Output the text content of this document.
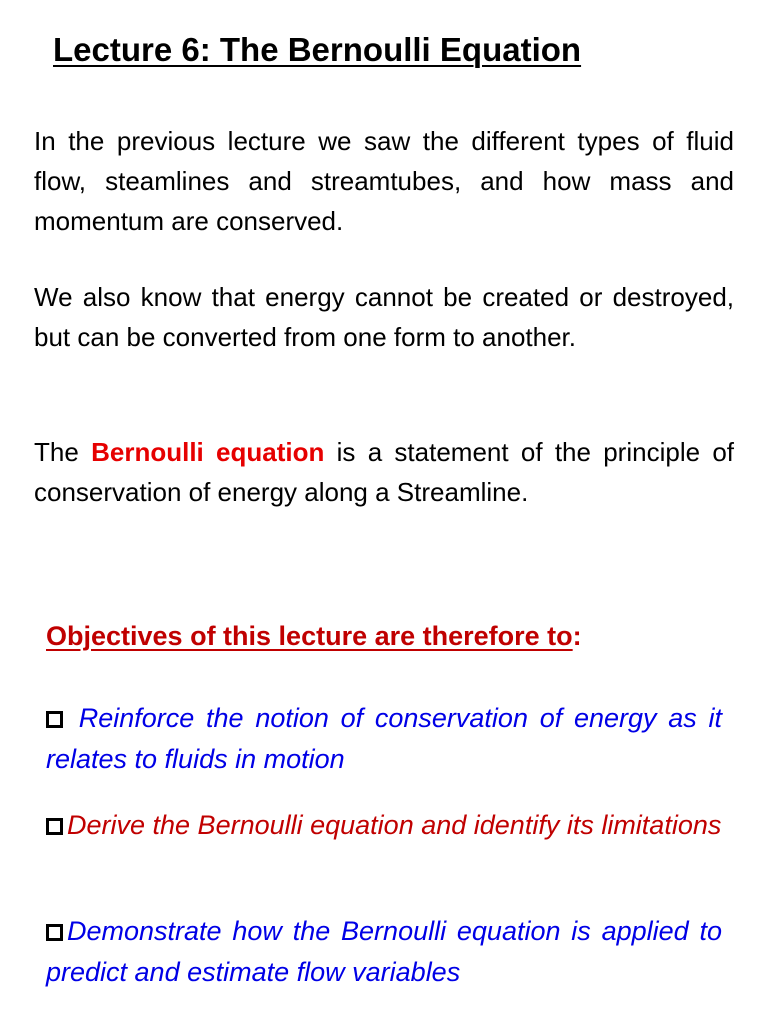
Lecture 6: The Bernoulli Equation

In the previous lecture we saw the different types of fluid flow, steamlines and streamtubes, and how mass and momentum are conserved.

We also know that energy cannot be created or destroyed, but can be converted from one form to another.

The Bernoulli equation is a statement of the principle of conservation of energy along a Streamline.

Objectives of this lecture are therefore to:

Reinforce the notion of conservation of energy as it relates to fluids in motion

Derive the Bernoulli equation and identify its limitations

Demonstrate how the Bernoulli equation is applied to predict and estimate flow variables
